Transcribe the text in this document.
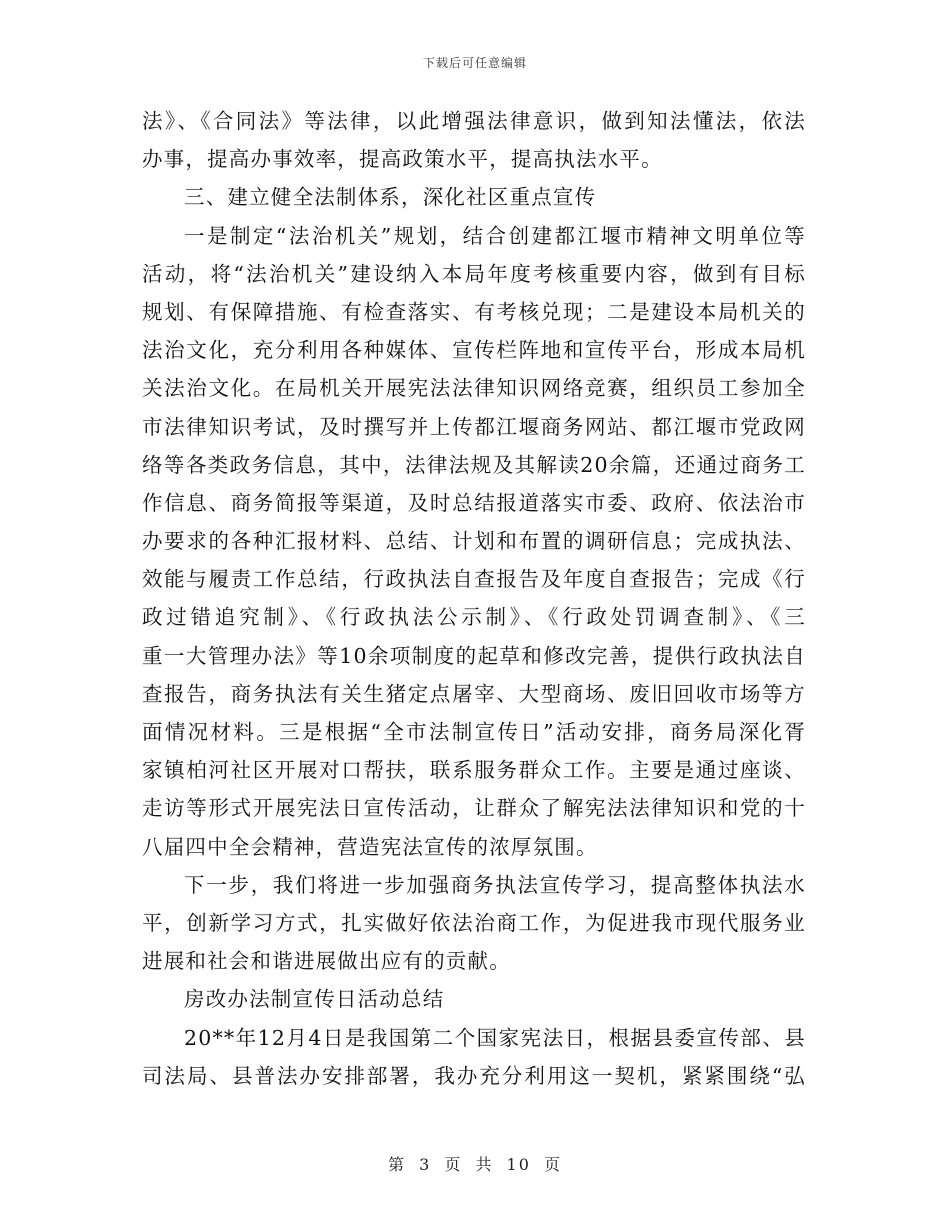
下载后可任意编辑
法》、《合同法》等法律，以此增强法律意识，做到知法懂法，依法
办事，提高办事效率，提高政策水平，提高执法水平。
三、建立健全法制体系，深化社区重点宣传
一是制定“法治机关”规划，结合创建都江堰市精神文明单位等
活动，将“法治机关”建设纳入本局年度考核重要内容，做到有目标
规划、有保障措施、有检查落实、有考核兑现；二是建设本局机关的
法治文化，充分利用各种媒体、宣传栏阵地和宣传平台，形成本局机
关法治文化。在局机关开展宪法法律知识网络竞赛，组织员工参加全
市法律知识考试，及时撰写并上传都江堰商务网站、都江堰市党政网
络等各类政务信息，其中，法律法规及其解读20余篇，还通过商务工
作信息、商务简报等渠道，及时总结报道落实市委、政府、依法治市
办要求的各种汇报材料、总结、计划和布置的调研信息；完成执法、
效能与履责工作总结，行政执法自查报告及年度自查报告；完成《行
政过错追究制》、《行政执法公示制》、《行政处罚调查制》、《三
重一大管理办法》等10余项制度的起草和修改完善，提供行政执法自
查报告，商务执法有关生猪定点屠宰、大型商场、废旧回收市场等方
面情况材料。三是根据“全市法制宣传日”活动安排，商务局深化胥
家镇柏河社区开展对口帮扶，联系服务群众工作。主要是通过座谈、
走访等形式开展宪法日宣传活动，让群众了解宪法法律知识和党的十
八届四中全会精神，营造宪法宣传的浓厚氛围。
下一步，我们将进一步加强商务执法宣传学习，提高整体执法水
平，创新学习方式，扎实做好依法治商工作，为促进我市现代服务业
进展和社会和谐进展做出应有的贡献。
房改办法制宣传日活动总结
20**年12月4日是我国第二个国家宪法日，根据县委宣传部、县
司法局、县普法办安排部署，我办充分利用这一契机，紧紧围绕“弘
第 3 页 共 10 页
